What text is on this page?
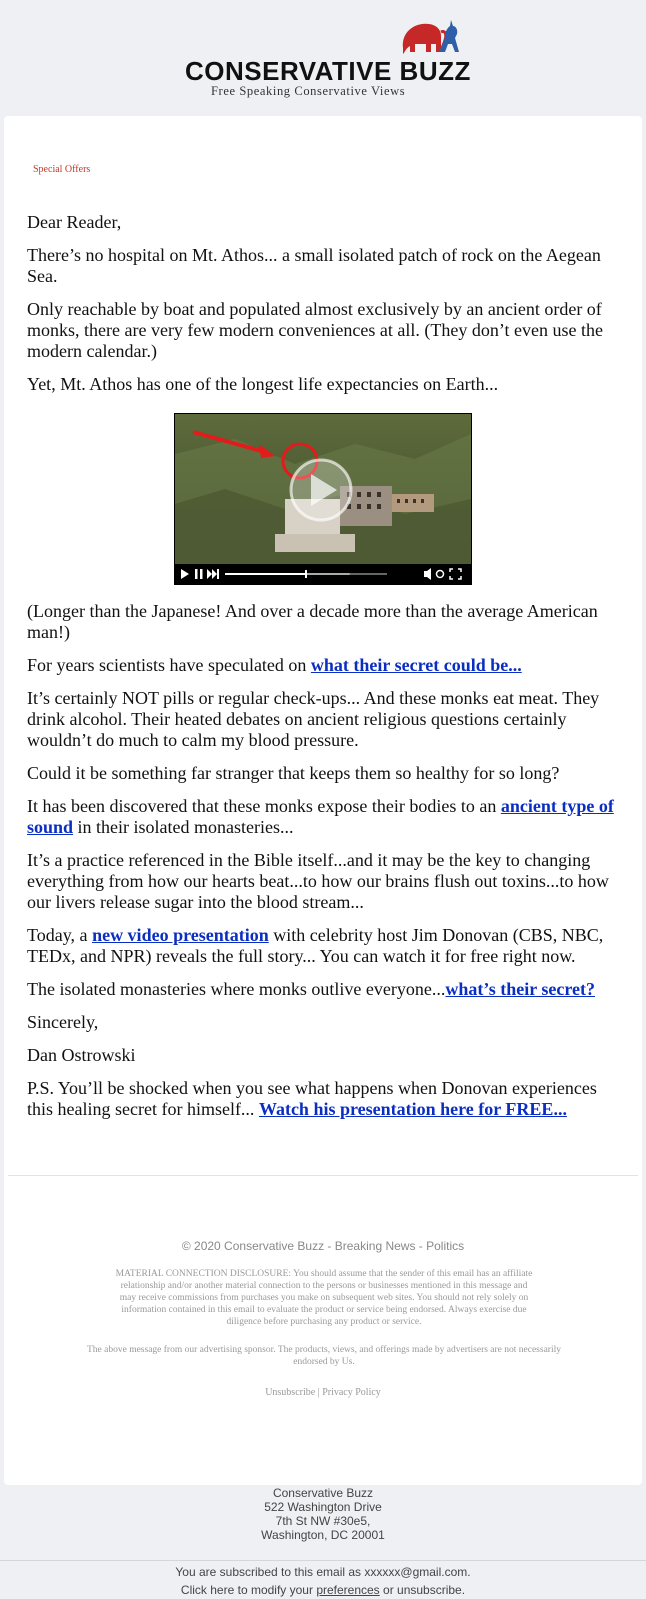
CONSERVATIVE BUZZ
Free Speaking Conservative Views
Special Offers

Dear Reader,

There’s no hospital on Mt. Athos... a small isolated patch of rock on the Aegean Sea.

Only reachable by boat and populated almost exclusively by an ancient order of monks, there are very few modern conveniences at all. (They don’t even use the modern calendar.)

Yet, Mt. Athos has one of the longest life expectancies on Earth...

(Longer than the Japanese! And over a decade more than the average American man!)

For years scientists have speculated on what their secret could be...

It’s certainly NOT pills or regular check-ups... And these monks eat meat. They drink alcohol. Their heated debates on ancient religious questions certainly wouldn’t do much to calm my blood pressure.

Could it be something far stranger that keeps them so healthy for so long?

It has been discovered that these monks expose their bodies to an ancient type of sound in their isolated monasteries...

It’s a practice referenced in the Bible itself...and it may be the key to changing everything from how our hearts beat...to how our brains flush out toxins...to how our livers release sugar into the blood stream...

Today, a new video presentation with celebrity host Jim Donovan (CBS, NBC, TEDx, and NPR) reveals the full story... You can watch it for free right now.

The isolated monasteries where monks outlive everyone...what’s their secret?

Sincerely,

Dan Ostrowski

P.S. You’ll be shocked when you see what happens when Donovan experiences this healing secret for himself... Watch his presentation here for FREE...

© 2020 Conservative Buzz - Breaking News - Politics
MATERIAL CONNECTION DISCLOSURE: You should assume that the sender of this email has an affiliate relationship and/or another material connection to the persons or businesses mentioned in this message and may receive commissions from purchases you make on subsequent web sites. You should not rely solely on information contained in this email to evaluate the product or service being endorsed. Always exercise due diligence before purchasing any product or service.
The above message from our advertising sponsor. The products, views, and offerings made by advertisers are not necessarily endorsed by Us.
Unsubscribe | Privacy Policy
Conservative Buzz
522 Washington Drive
7th St NW #30e5,
Washington, DC 20001
You are subscribed to this email as xxxxxx@gmail.com.
Click here to modify your preferences or unsubscribe.
